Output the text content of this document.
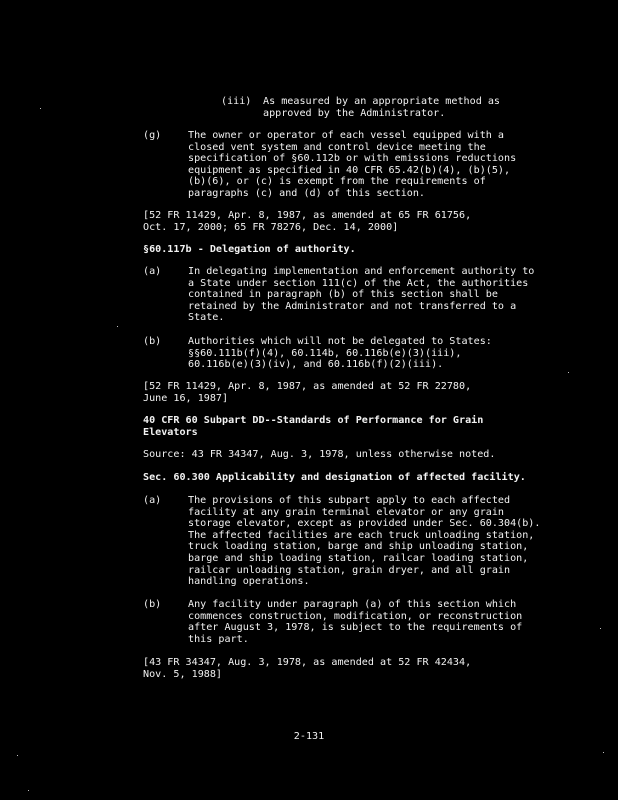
(iii)	As measured by an appropriate method as
approved by the Administrator.
(g)	The owner or operator of each vessel equipped with a
closed vent system and control device meeting the
specification of §60.112b or with emissions reductions
equipment as specified in 40 CFR 65.42(b)(4), (b)(5),
(b)(6), or (c) is exempt from the requirements of
paragraphs (c) and (d) of this section.
[52 FR 11429, Apr. 8, 1987, as amended at 65 FR 61756,
Oct. 17, 2000; 65 FR 78276, Dec. 14, 2000]
§60.117b - Delegation of authority.
(a)	In delegating implementation and enforcement authority to
a State under section 111(c) of the Act, the authorities
contained in paragraph (b) of this section shall be
retained by the Administrator and not transferred to a
State.
(b)	Authorities which will not be delegated to States:
§§60.111b(f)(4), 60.114b, 60.116b(e)(3)(iii),
60.116b(e)(3)(iv), and 60.116b(f)(2)(iii).
[52 FR 11429, Apr. 8, 1987, as amended at 52 FR 22780,
June 16, 1987]
40 CFR 60 Subpart DD--Standards of Performance for Grain
Elevators
Source: 43 FR 34347, Aug. 3, 1978, unless otherwise noted.
Sec. 60.300 Applicability and designation of affected facility.
(a)	The provisions of this subpart apply to each affected
facility at any grain terminal elevator or any grain
storage elevator, except as provided under Sec. 60.304(b).
The affected facilities are each truck unloading station,
truck loading station, barge and ship unloading station,
barge and ship loading station, railcar loading station,
railcar unloading station, grain dryer, and all grain
handling operations.
(b)	Any facility under paragraph (a) of this section which
commences construction, modification, or reconstruction
after August 3, 1978, is subject to the requirements of
this part.
[43 FR 34347, Aug. 3, 1978, as amended at 52 FR 42434,
Nov. 5, 1988]
2-131
